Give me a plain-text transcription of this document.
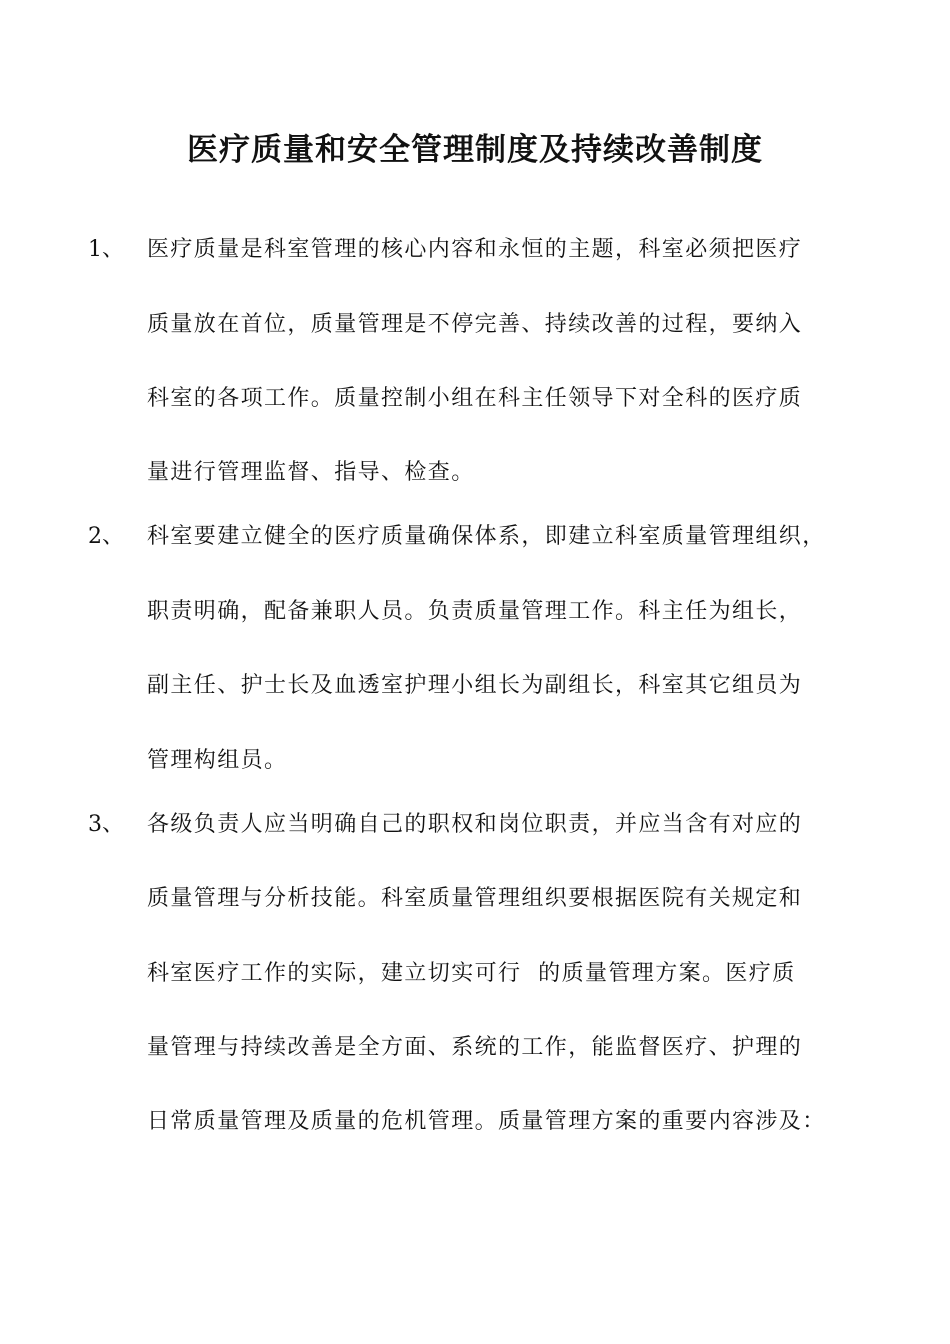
医疗质量和安全管理制度及持续改善制度
1、 医疗质量是科室管理的核心内容和永恒的主题，科室必须把医疗
质量放在首位，质量管理是不停完善、持续改善的过程，要纳入
科室的各项工作。质量控制小组在科主任领导下对全科的医疗质
量进行管理监督、指导、检查。
2、 科室要建立健全的医疗质量确保体系，即建立科室质量管理组织，
职责明确，配备兼职人员。负责质量管理工作。科主任为组长，
副主任、护士长及血透室护理小组长为副组长，科室其它组员为
管理构组员。
3、 各级负责人应当明确自己的职权和岗位职责，并应当含有对应的
质量管理与分析技能。科室质量管理组织要根据医院有关规定和
科室医疗工作的实际，建立切实可行  的质量管理方案。医疗质
量管理与持续改善是全方面、系统的工作，能监督医疗、护理的
日常质量管理及质量的危机管理。质量管理方案的重要内容涉及：
